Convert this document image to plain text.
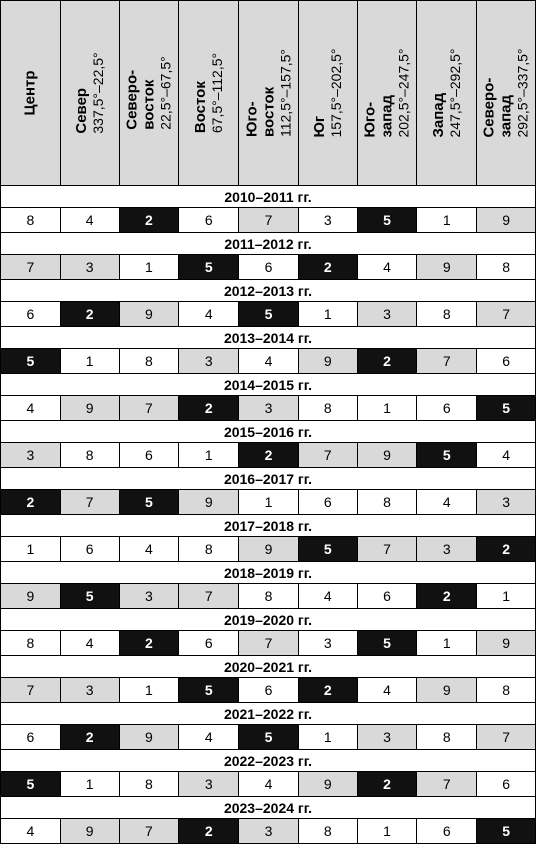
Центр	Север 337,5°–22,5°	Северо- восток 22,5°–67,5°	Восток 67,5°–112,5°	Юго- восток 112,5°–157,5°	Юг 157,5°–202,5°	Юго- запад 202,5°–247,5°	Запад 247,5°–292,5°	Северо- запад 292,5°–337,5°

2010–2011 гг.								
8	4	2	6	7	3	5	1	9
2011–2012 гг.								
7	3	1	5	6	2	4	9	8
2012–2013 гг.								
6	2	9	4	5	1	3	8	7
2013–2014 гг.								
5	1	8	3	4	9	2	7	6
2014–2015 гг.								
4	9	7	2	3	8	1	6	5
2015–2016 гг.								
3	8	6	1	2	7	9	5	4
2016–2017 гг.								
2	7	5	9	1	6	8	4	3
2017–2018 гг.								
1	6	4	8	9	5	7	3	2
2018–2019 гг.								
9	5	3	7	8	4	6	2	1
2019–2020 гг.								
8	4	2	6	7	3	5	1	9
2020–2021 гг.								
7	3	1	5	6	2	4	9	8
2021–2022 гг.								
6	2	9	4	5	1	3	8	7
2022–2023 гг.								
5	1	8	3	4	9	2	7	6
2023–2024 гг.								
4	9	7	2	3	8	1	6	5
